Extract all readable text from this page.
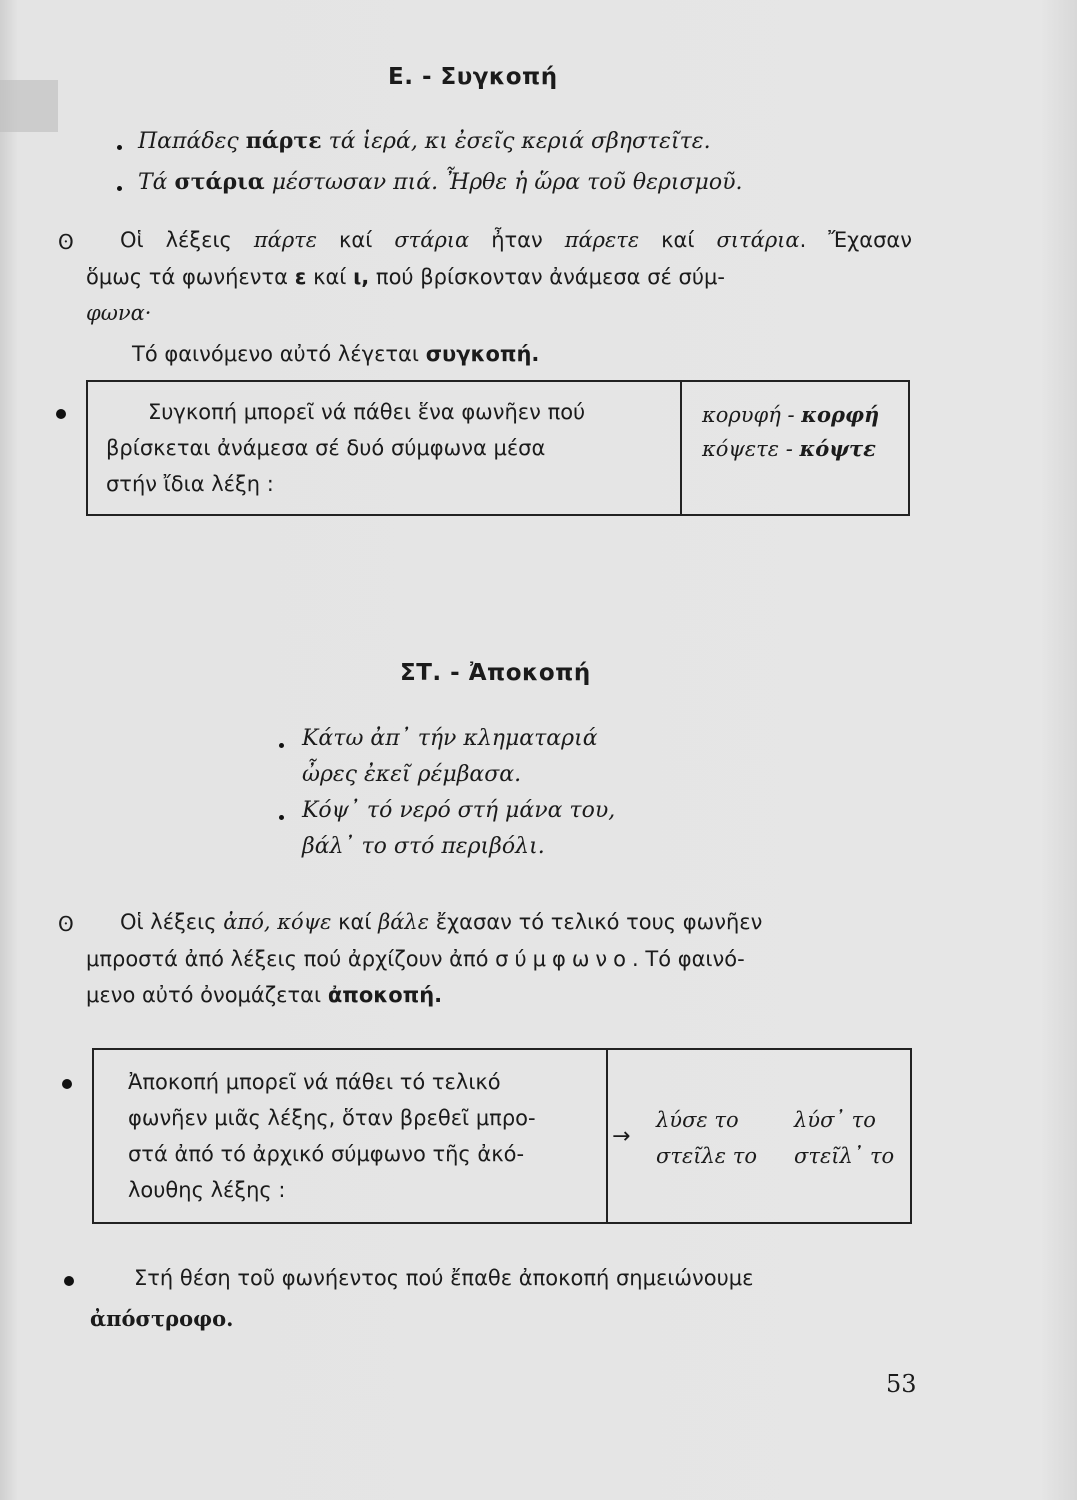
Ε. - Συγκοπή
Παπάδες πάρτε τά ἱερά, κι ἐσεῖς κεριά σβηστεῖτε.
Τά στάρια μέστωσαν πιά. Ἦρθε ἡ ὥρα τοῦ θερισμοῦ.
ʘ Οἱ λέξεις πάρτε καί στάρια ἦταν πάρετε καί σιτάρια. Ἔχασαν
ὅμως τά φωνήεντα ε καί ι, πού βρίσκονταν ἀνάμεσα σέ σύμ-
φωνα·
Τό φαινόμενο αὐτό λέγεται συγκοπή.
Συγκοπή μπορεῖ νά πάθει ἕνα φωνῆεν πού
βρίσκεται ἀνάμεσα σέ δυό σύμφωνα μέσα
στήν ἴδια λέξη :
κορυφή - κορφή
κόψετε - κόψτε
ΣΤ. - Ἀποκοπή
Κάτω ἀπ᾿ τήν κληματαριά
ὦρες ἐκεῖ ρέμβασα.
Κόψ᾿ τό νερό στή μάνα του,
βάλ᾿ το στό περιβόλι.
ʘ Οἱ λέξεις ἀπό, κόψε καί βάλε ἔχασαν τό τελικό τους φωνῆεν
μπροστά ἀπό λέξεις πού ἀρχίζουν ἀπό σύμφωνο. Τό φαινό-
μενο αὐτό ὀνομάζεται ἀποκοπή.
Ἀποκοπή μπορεῖ νά πάθει τό τελικό
φωνῆεν μιᾶς λέξης, ὅταν βρεθεῖ μπρο-
στά ἀπό τό ἀρχικό σύμφωνο τῆς ἀκό-
λουθης λέξης :
→
λύσε το	λύσ᾿ το
στεῖλε το στεῖλ᾿ το
Στή θέση τοῦ φωνήεντος πού ἔπαθε ἀποκοπή σημειώνουμε
ἀπόστροφο.
53
